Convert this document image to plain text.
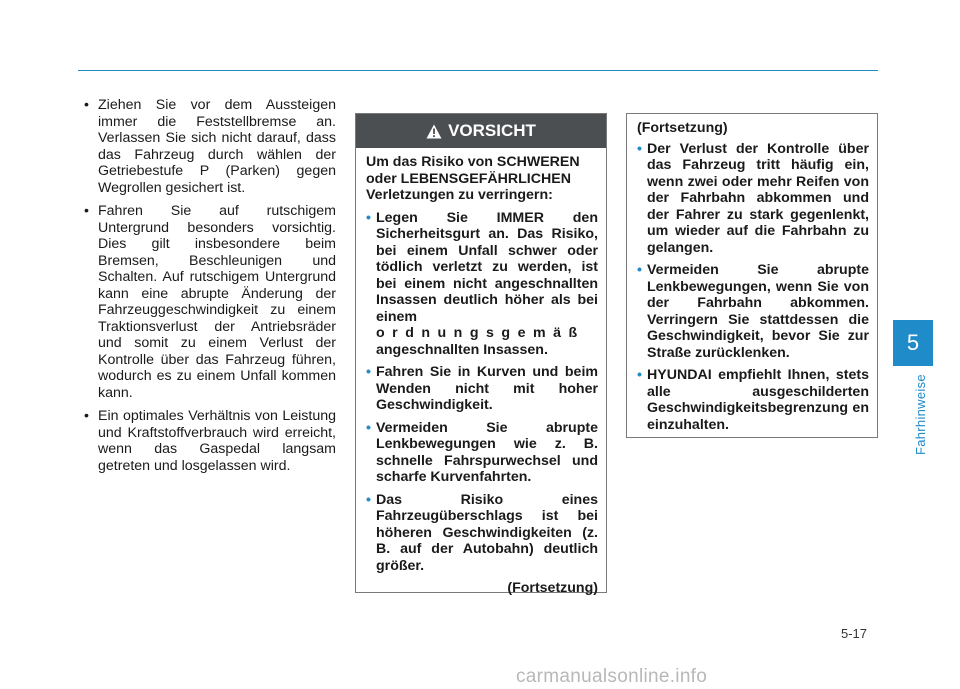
• Ziehen Sie vor dem Aussteigen immer die Feststellbremse an. Verlassen Sie sich nicht darauf, dass das Fahrzeug durch wählen der Getriebestufe P (Parken) gegen Wegrollen gesichert ist.
• Fahren Sie auf rutschigem Untergrund besonders vorsichtig. Dies gilt insbesondere beim Bremsen, Beschleunigen und Schalten. Auf rutschigem Untergrund kann eine abrupte Änderung der Fahrzeuggeschwindigkeit zu einem Traktionsverlust der Antriebsräder und somit zu einem Verlust der Kontrolle über das Fahrzeug führen, wodurch es zu einem Unfall kommen kann.
• Ein optimales Verhältnis von Leistung und Kraftstoffverbrauch wird erreicht, wenn das Gaspedal langsam getreten und losgelassen wird.
VORSICHT

Um das Risiko von SCHWEREN oder LEBENSGEFÄHRLICHEN Verletzungen zu verringern:

• Legen Sie IMMER den Sicherheitsgurt an. Das Risiko, bei einem Unfall schwer oder tödlich verletzt zu werden, ist bei einem nicht angeschnallten Insassen deutlich höher als bei einem
ordnungsgemäß
angeschnallten Insassen.
• Fahren Sie in Kurven und beim Wenden nicht mit hoher Geschwindigkeit.
• Vermeiden Sie abrupte Lenkbewegungen wie z. B. schnelle Fahrspurwechsel und scharfe Kurvenfahrten.
• Das Risiko eines Fahrzeugüberschlags ist bei höheren Geschwindigkeiten (z. B. auf der Autobahn) deutlich größer.
(Fortsetzung)

(Fortsetzung)

• Der Verlust der Kontrolle über das Fahrzeug tritt häufig ein, wenn zwei oder mehr Reifen von der Fahrbahn abkommen und der Fahrer zu stark gegenlenkt, um wieder auf die Fahrbahn zu gelangen.
• Vermeiden Sie abrupte Lenkbewegungen, wenn Sie von der Fahrbahn abkommen. Verringern Sie stattdessen die Geschwindigkeit, bevor Sie zur Straße zurücklenken.
• HYUNDAI empfiehlt Ihnen, stets alle ausgeschilderten Geschwindigkeitsbegrenzung en einzuhalten.
5
Fahrhinweise
5-17
carmanualsonline.info
